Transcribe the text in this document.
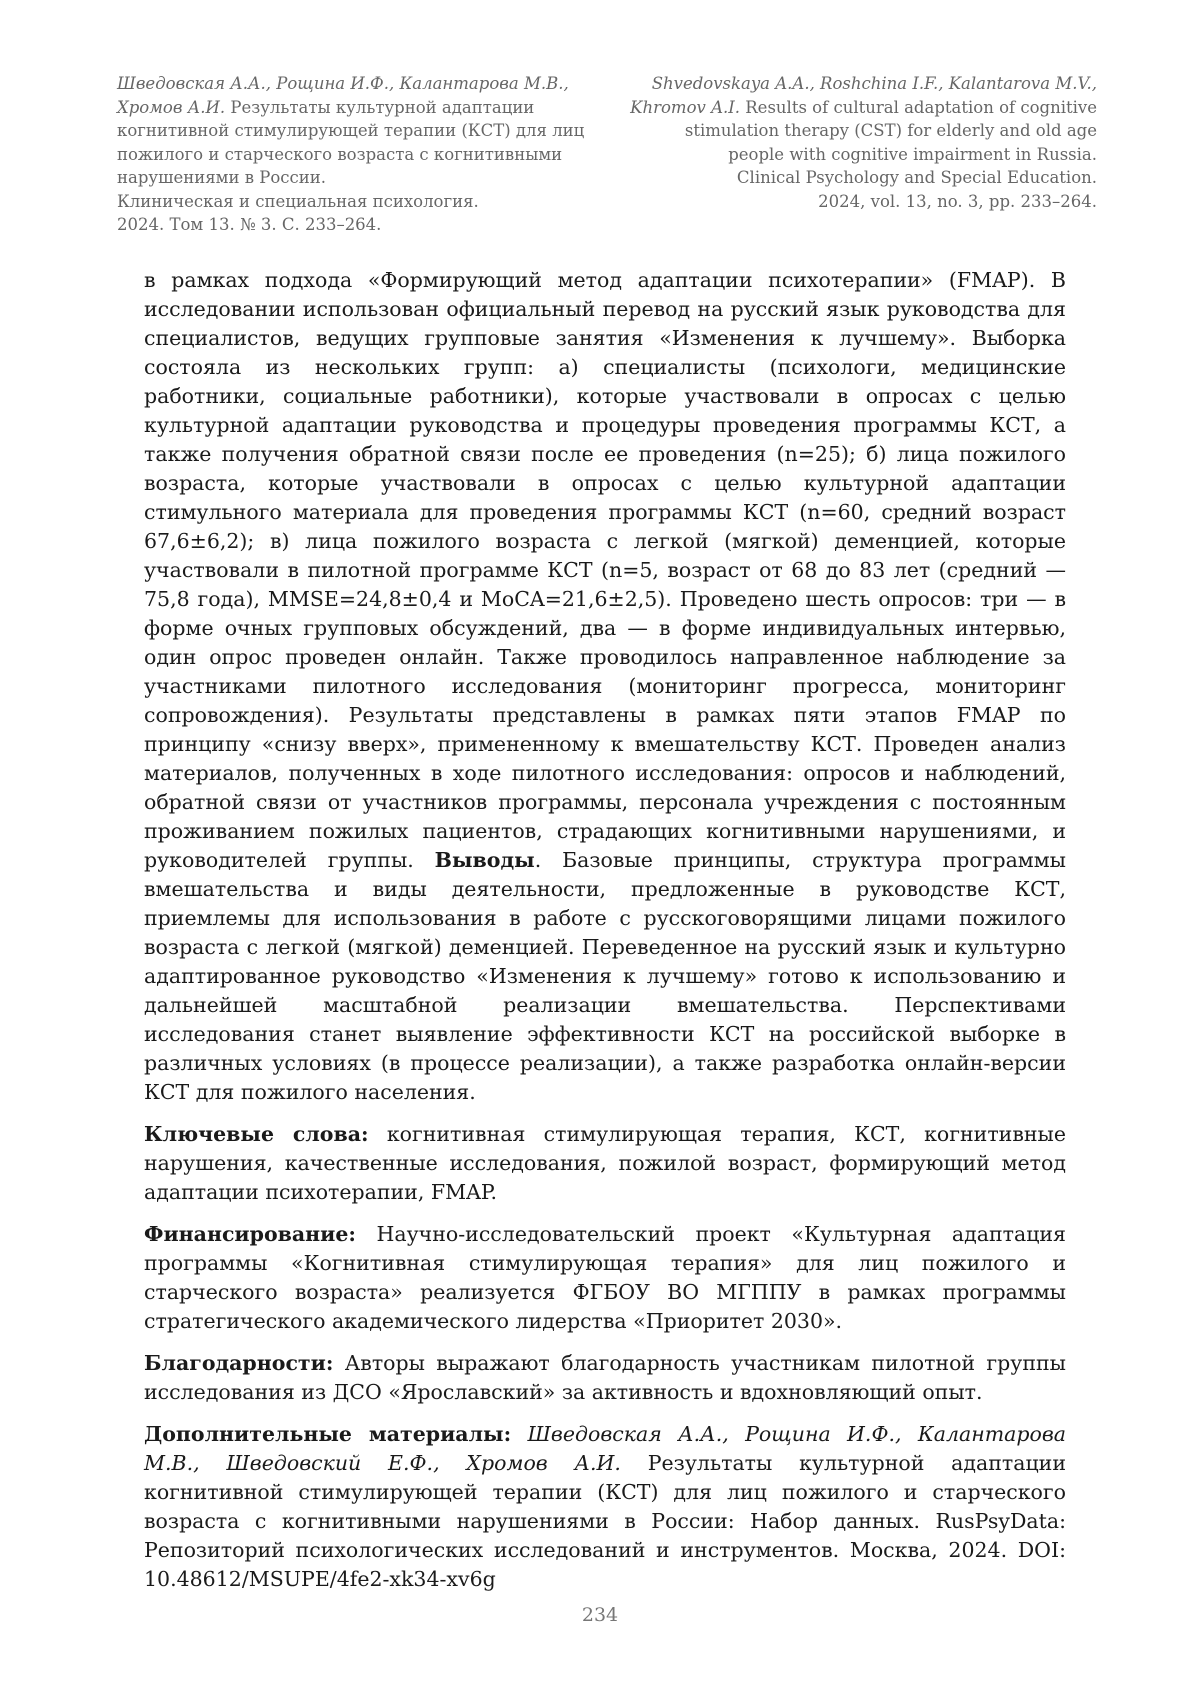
Шведовская А.А., Рощина И.Ф., Калантарова М.В., Хромов А.И. Результаты культурной адаптации когнитивной стимулирующей терапии (КСТ) для лиц пожилого и старческого возраста с когнитивными нарушениями в России.
Клиническая и специальная психология.
2024. Том 13. № 3. С. 233–264.
Shvedovskaya A.A., Roshchina I.F., Kalantarova M.V., Khromov A.I. Results of cultural adaptation of cognitive stimulation therapy (CST) for elderly and old age people with cognitive impairment in Russia.
Clinical Psychology and Special Education.
2024, vol. 13, no. 3, pp. 233–264.

в рамках подхода «Формирующий метод адаптации психотерапии» (FMAP). В исследовании использован официальный перевод на русский язык руководства для специалистов, ведущих групповые занятия «Изменения к лучшему». Выборка состояла из нескольких групп: а) специалисты (психологи, медицинские работники, социальные работники), которые участвовали в опросах с целью культурной адаптации руководства и процедуры проведения программы КСТ, а также получения обратной связи после ее проведения (n=25); б) лица пожилого возраста, которые участвовали в опросах с целью культурной адаптации стимульного материала для проведения программы КСТ (n=60, средний возраст 67,6±6,2); в) лица пожилого возраста с легкой (мягкой) деменцией, которые участвовали в пилотной программе КСТ (n=5, возраст от 68 до 83 лет (средний — 75,8 года), MMSE=24,8±0,4 и MoCA=21,6±2,5). Проведено шесть опросов: три — в форме очных групповых обсуждений, два — в форме индивидуальных интервью, один опрос проведен онлайн. Также проводилось направленное наблюдение за участниками пилотного исследования (мониторинг прогресса, мониторинг сопровождения). Результаты представлены в рамках пяти этапов FMAP по принципу «снизу вверх», примененному к вмешательству КСТ. Проведен анализ материалов, полученных в ходе пилотного исследования: опросов и наблюдений, обратной связи от участников программы, персонала учреждения с постоянным проживанием пожилых пациентов, страдающих когнитивными нарушениями, и руководителей группы. Выводы. Базовые принципы, структура программы вмешательства и виды деятельности, предложенные в руководстве КСТ, приемлемы для использования в работе с русскоговорящими лицами пожилого возраста с легкой (мягкой) деменцией. Переведенное на русский язык и культурно адаптированное руководство «Изменения к лучшему» готово к использованию и дальнейшей масштабной реализации вмешательства. Перспективами исследования станет выявление эффективности КСТ на российской выборке в различных условиях (в процессе реализации), а также разработка онлайн-версии КСТ для пожилого населения.

Ключевые слова: когнитивная стимулирующая терапия, КСТ, когнитивные нарушения, качественные исследования, пожилой возраст, формирующий метод адаптации психотерапии, FMAP.

Финансирование: Научно-исследовательский проект «Культурная адаптация программы «Когнитивная стимулирующая терапия» для лиц пожилого и старческого возраста» реализуется ФГБОУ ВО МГППУ в рамках программы стратегического академического лидерства «Приоритет 2030».

Благодарности: Авторы выражают благодарность участникам пилотной группы исследования из ДСО «Ярославский» за активность и вдохновляющий опыт.

Дополнительные материалы: Шведовская А.А., Рощина И.Ф., Калантарова М.В., Шведовский Е.Ф., Хромов А.И. Результаты культурной адаптации когнитивной стимулирующей терапии (КСТ) для лиц пожилого и старческого возраста с когнитивными нарушениями в России: Набор данных. RusPsyData: Репозиторий психологических исследований и инструментов. Москва, 2024. DOI: 10.48612/MSUPE/4fe2-xk34-xv6g

234
